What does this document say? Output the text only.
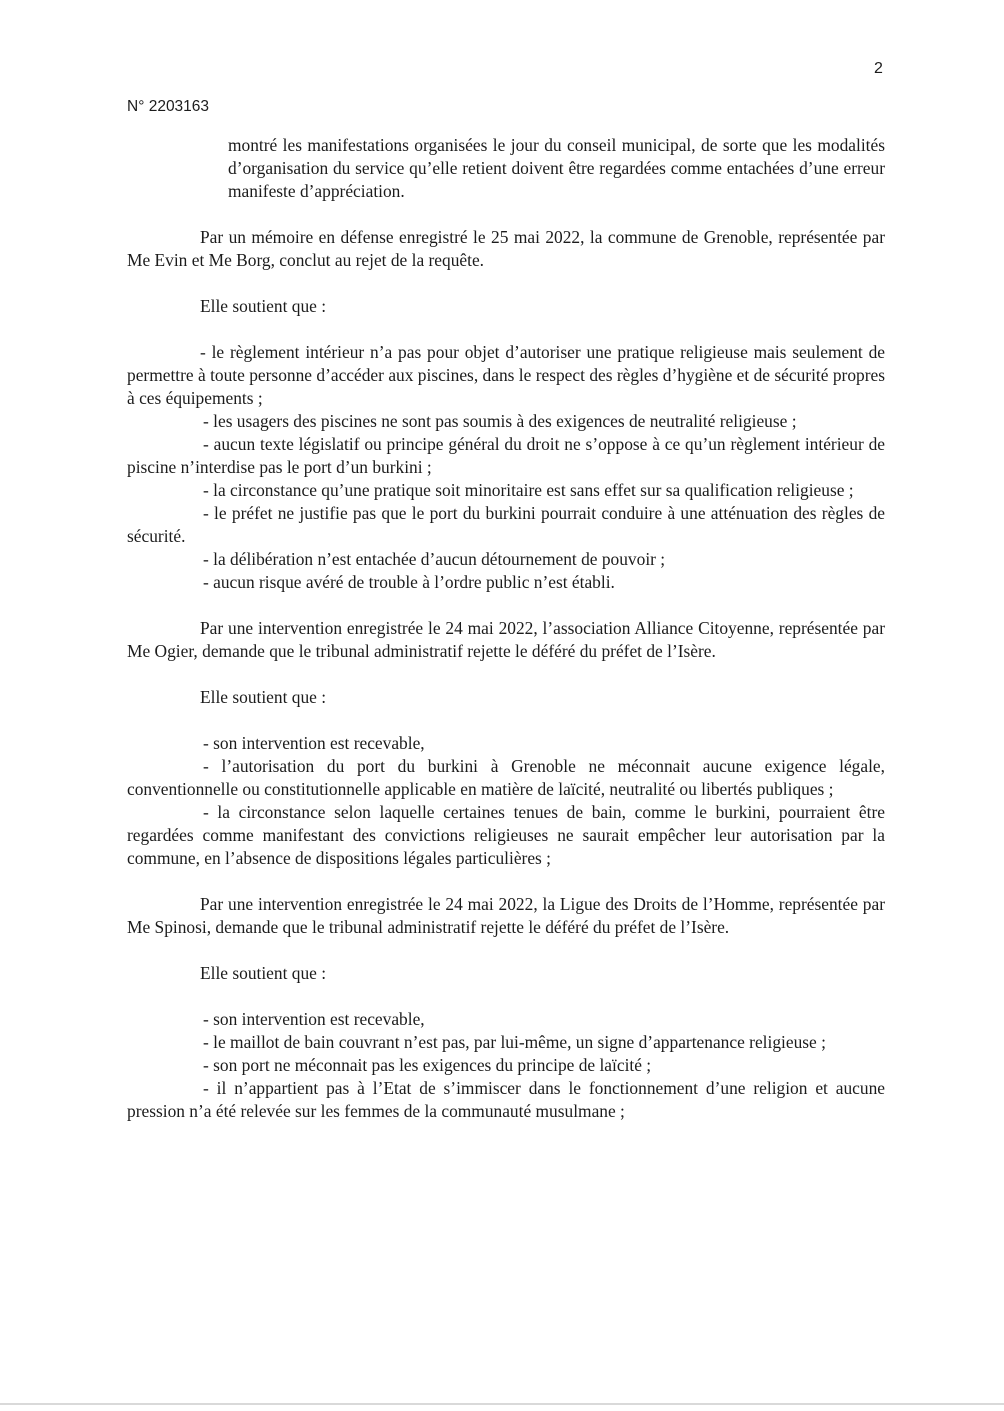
2
N° 2203163

montré les manifestations organisées le jour du conseil municipal, de sorte que les modalités d’organisation du service qu’elle retient doivent être regardées comme entachées d’une erreur manifeste d’appréciation.

Par un mémoire en défense enregistré le 25 mai 2022, la commune de Grenoble, représentée par Me Evin et Me Borg, conclut au rejet de la requête.

Elle soutient que :

- le règlement intérieur n’a pas pour objet d’autoriser une pratique religieuse mais seulement de permettre à toute personne d’accéder aux piscines, dans le respect des règles d’hygiène et de sécurité propres à ces équipements ;

- les usagers des piscines ne sont pas soumis à des exigences de neutralité religieuse ;

- aucun texte législatif ou principe général du droit ne s’oppose à ce qu’un règlement intérieur de piscine n’interdise pas le port d’un burkini ;

- la circonstance qu’une pratique soit minoritaire est sans effet sur sa qualification religieuse ;

- le préfet ne justifie pas que le port du burkini pourrait conduire à une atténuation des règles de sécurité.

- la délibération n’est entachée d’aucun détournement de pouvoir ;

- aucun risque avéré de trouble à l’ordre public n’est établi.

Par une intervention enregistrée le 24 mai 2022, l’association Alliance Citoyenne, représentée par Me Ogier, demande que le tribunal administratif rejette le déféré du préfet de l’Isère.

Elle soutient que :

- son intervention est recevable,

- l’autorisation du port du burkini à Grenoble ne méconnait aucune exigence légale, conventionnelle ou constitutionnelle applicable en matière de laïcité, neutralité ou libertés publiques ;

- la circonstance selon laquelle certaines tenues de bain, comme le burkini, pourraient être regardées comme manifestant des convictions religieuses ne saurait empêcher leur autorisation par la commune, en l’absence de dispositions légales particulières ;

Par une intervention enregistrée le 24 mai 2022, la Ligue des Droits de l’Homme, représentée par Me Spinosi, demande que le tribunal administratif rejette le déféré du préfet de l’Isère.

Elle soutient que :

- son intervention est recevable,

- le maillot de bain couvrant n’est pas, par lui-même, un signe d’appartenance religieuse ;

- son port ne méconnait pas les exigences du principe de laïcité ;

- il n’appartient pas à l’Etat de s’immiscer dans le fonctionnement d’une religion et aucune pression n’a été relevée sur les femmes de la communauté musulmane ;
